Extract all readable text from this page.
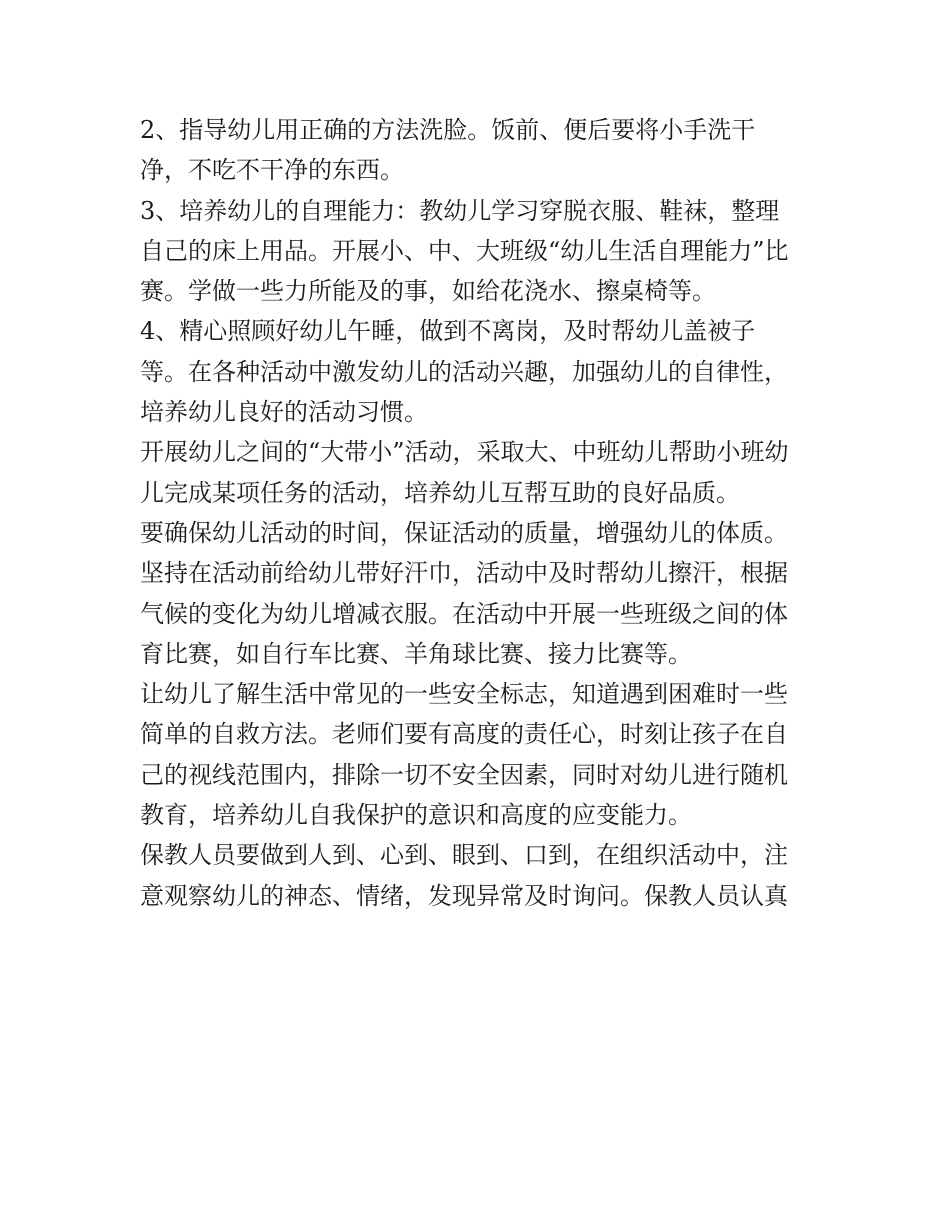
2、指导幼儿用正确的方法洗脸。饭前、便后要将小手洗干
净，不吃不干净的东西。

3、培养幼儿的自理能力：教幼儿学习穿脱衣服、鞋袜，整理
自己的床上用品。开展小、中、大班级“幼儿生活自理能力”比
赛。学做一些力所能及的事，如给花浇水、擦桌椅等。

4、精心照顾好幼儿午睡，做到不离岗，及时帮幼儿盖被子
等。在各种活动中激发幼儿的活动兴趣，加强幼儿的自律性，
培养幼儿良好的活动习惯。

开展幼儿之间的“大带小”活动，采取大、中班幼儿帮助小班幼
儿完成某项任务的活动，培养幼儿互帮互助的良好品质。

要确保幼儿活动的时间，保证活动的质量，增强幼儿的体质。
坚持在活动前给幼儿带好汗巾，活动中及时帮幼儿擦汗，根据
气候的变化为幼儿增减衣服。在活动中开展一些班级之间的体
育比赛，如自行车比赛、羊角球比赛、接力比赛等。

让幼儿了解生活中常见的一些安全标志，知道遇到困难时一些
简单的自救方法。老师们要有高度的责任心，时刻让孩子在自
己的视线范围内，排除一切不安全因素，同时对幼儿进行随机
教育，培养幼儿自我保护的意识和高度的应变能力。

保教人员要做到人到、心到、眼到、口到，在组织活动中，注
意观察幼儿的神态、情绪，发现异常及时询问。保教人员认真
